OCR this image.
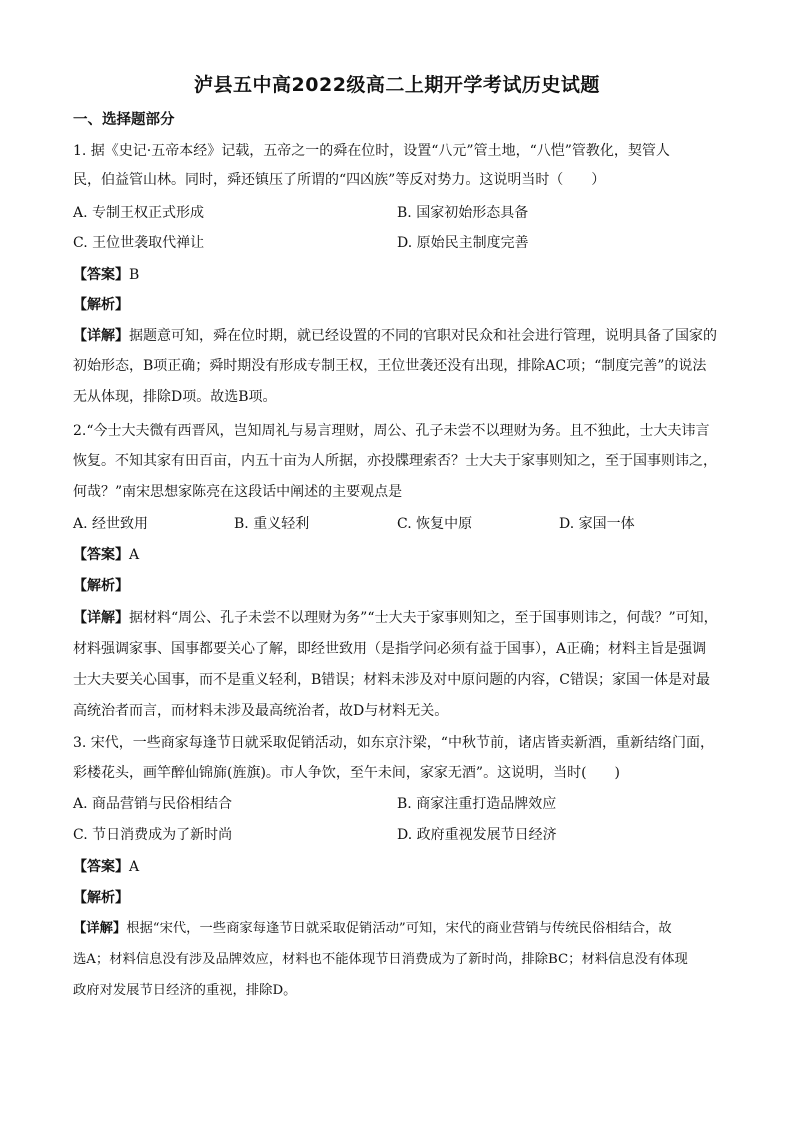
泸县五中高2022级高二上期开学考试历史试题
一、选择题部分
1. 据《史记·五帝本经》记载，五帝之一的舜在位时，设置“八元”管土地，“八恺”管教化，契管人
民，伯益管山林。同时，舜还镇压了所谓的“四凶族”等反对势力。这说明当时（　　）
A. 专制王权正式形成	B. 国家初始形态具备
C. 王位世袭取代禅让	D. 原始民主制度完善
【答案】B
【解析】
【详解】据题意可知，舜在位时期，就已经设置的不同的官职对民众和社会进行管理，说明具备了国家的
初始形态，B项正确；舜时期没有形成专制王权，王位世袭还没有出现，排除AC项；“制度完善”的说法
无从体现，排除D项。故选B项。
2.“今士大夫微有西晋风，岂知周礼与易言理财，周公、孔子未尝不以理财为务。且不独此，士大夫讳言
恢复。不知其家有田百亩，内五十亩为人所据，亦投牒理索否？士大夫于家事则知之，至于国事则讳之，
何哉？”南宋思想家陈亮在这段话中阐述的主要观点是
A. 经世致用	B. 重义轻利	C. 恢复中原	D. 家国一体
【答案】A
【解析】
【详解】据材料“周公、孔子未尝不以理财为务”“士大夫于家事则知之，至于国事则讳之，何哉？”可知，
材料强调家事、国事都要关心了解，即经世致用（是指学问必须有益于国事），A正确；材料主旨是强调
士大夫要关心国事，而不是重义轻利，B错误；材料未涉及对中原问题的内容，C错误；家国一体是对最
高统治者而言，而材料未涉及最高统治者，故D与材料无关。
3. 宋代，一些商家每逢节日就采取促销活动，如东京汴梁，“中秋节前，诸店皆卖新酒，重新结络门面，
彩楼花头，画竿醉仙锦旆(旌旗)。市人争饮，至午未间，家家无酒”。这说明，当时(　　)
A. 商品营销与民俗相结合	B. 商家注重打造品牌效应
C. 节日消费成为了新时尚	D. 政府重视发展节日经济
【答案】A
【解析】
【详解】根据“宋代，一些商家每逢节日就采取促销活动”可知，宋代的商业营销与传统民俗相结合，故
选A；材料信息没有涉及品牌效应，材料也不能体现节日消费成为了新时尚，排除BC；材料信息没有体现
政府对发展节日经济的重视，排除D。
